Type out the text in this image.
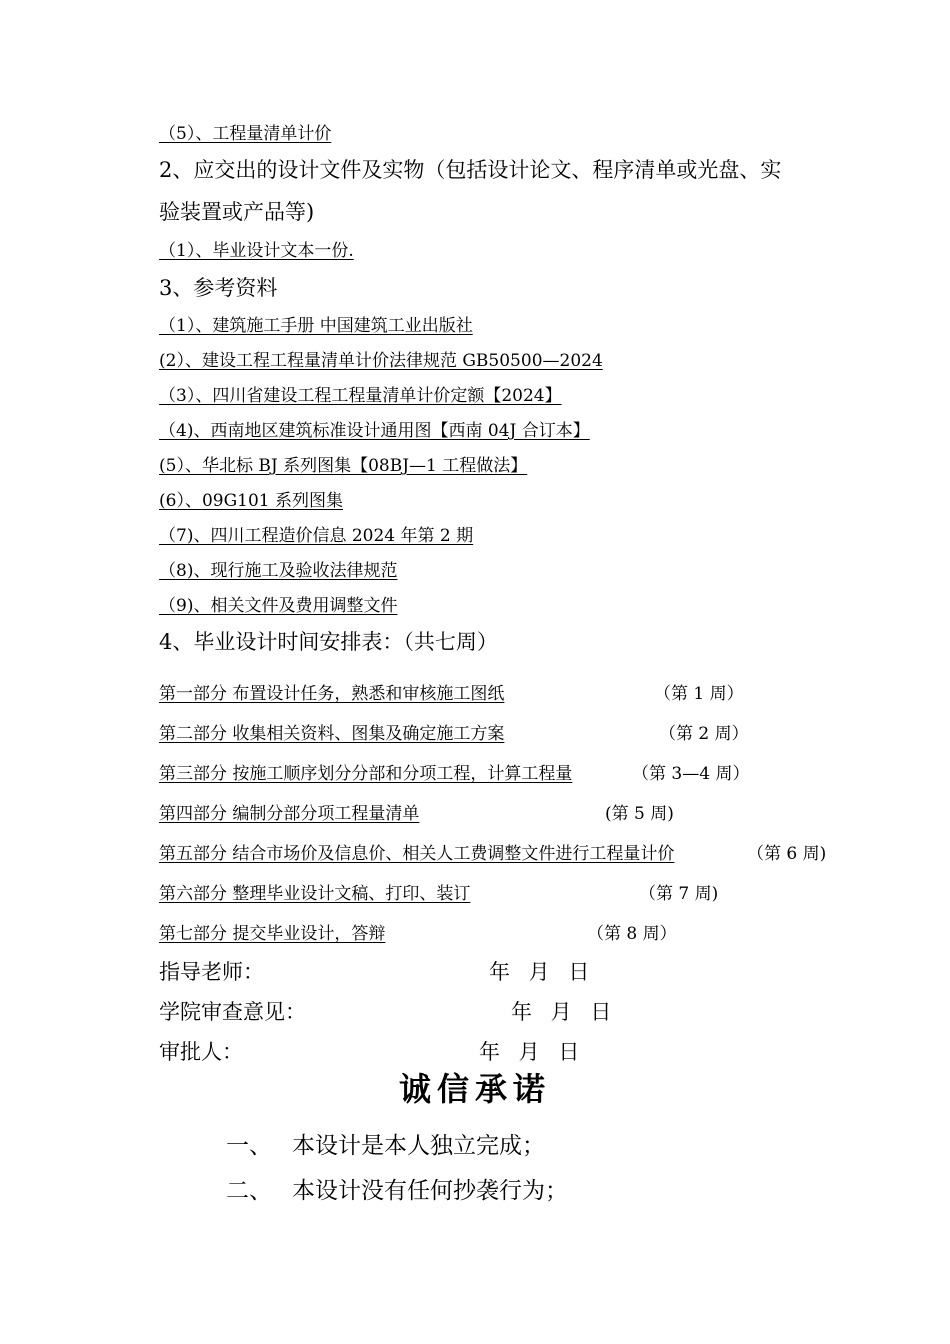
（5）、工程量清单计价
2、应交出的设计文件及实物（包括设计论文、程序清单或光盘、实
验装置或产品等)
（1）、毕业设计文本一份.
3、参考资料
（1）、建筑施工手册 中国建筑工业出版社
(2）、建设工程工程量清单计价法律规范 GB50500—2024
（3）、四川省建设工程工程量清单计价定额【2024】
（4)、西南地区建筑标准设计通用图【西南 04J 合订本】
(5）、华北标 BJ 系列图集【08BJ—1 工程做法】
(6）、09G101 系列图集
（7)、四川工程造价信息 2024 年第 2 期
（8)、现行施工及验收法律规范
（9)、相关文件及费用调整文件
4、毕业设计时间安排表：（共七周）
第一部分 布置设计任务，熟悉和审核施工图纸	（第 1 周）
第二部分 收集相关资料、图集及确定施工方案	（第 2 周）
第三部分 按施工顺序划分分部和分项工程，计算工程量	（第 3—4 周）
第四部分 编制分部分项工程量清单	(第 5 周)
第五部分 结合市场价及信息价、相关人工费调整文件进行工程量计价	（第 6 周)
第六部分 整理毕业设计文稿、打印、装订	（第 7 周)
第七部分 提交毕业设计，答辩	（第 8 周）
指导老师：	年 月 日
学院审查意见：	年 月 日
审批人：	年 月 日
诚信承诺
一、 本设计是本人独立完成；
二、 本设计没有任何抄袭行为；
